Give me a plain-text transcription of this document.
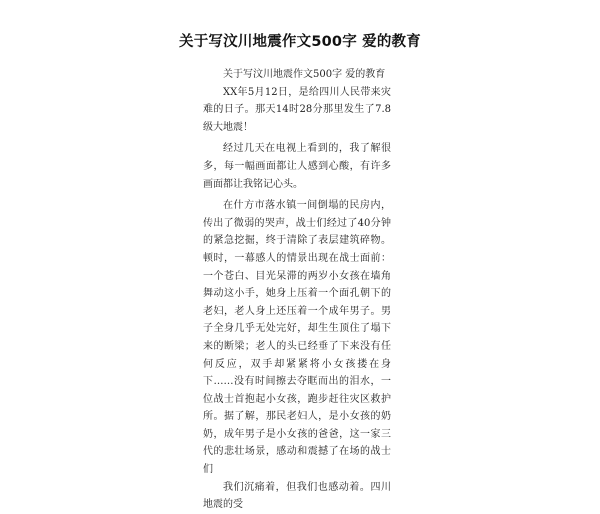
关于写汶川地震作文500字 爱的教育

关于写汶川地震作文500字 爱的教育

XX年5月12日，是给四川人民带来灾难的日子。那天14时28分那里发生了7.8级大地震！

经过几天在电视上看到的，我了解很多，每一幅画面都让人感到心酸，有许多画面都让我铭记心头。

在什方市落水镇一间倒塌的民房内，传出了微弱的哭声，战士们经过了40分钟的紧急挖掘，终于清除了表层建筑碎物。顿时，一幕感人的情景出现在战士面前：一个苍白、目光呆滞的两岁小女孩在墙角舞动这小手，她身上压着一个面孔朝下的老妇，老人身上还压着一个成年男子。男子全身几乎无处完好，却生生顶住了塌下来的断梁；老人的头已经垂了下来没有任何反应，双手却紧紧将小女孩搂在身下……没有时间擦去夺眶而出的泪水，一位战士首抱起小女孩，跑步赶往灾区救护所。据了解，那民老妇人，是小女孩的奶奶，成年男子是小女孩的爸爸，这一家三代的悲壮场景，感动和震撼了在场的战士们

我们沉痛着，但我们也感动着。四川地震的受
